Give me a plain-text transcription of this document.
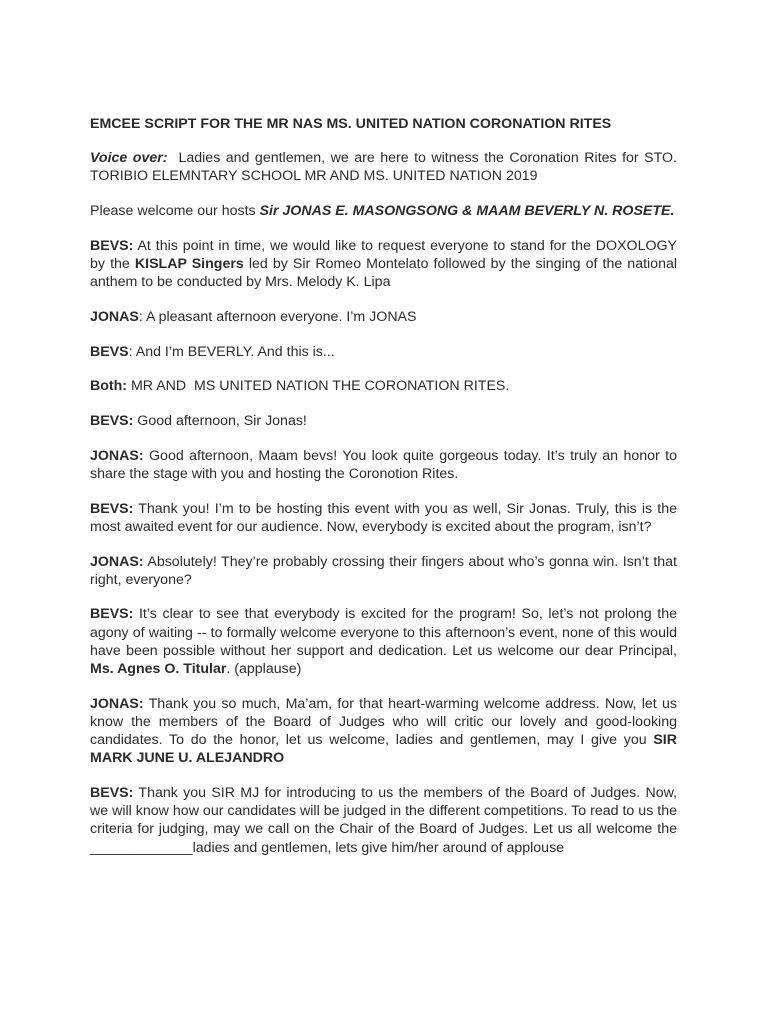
EMCEE SCRIPT FOR THE MR NAS MS. UNITED NATION CORONATION RITES

Voice over:  Ladies and gentlemen, we are here to witness the Coronation Rites for STO. TORIBIO ELEMNTARY SCHOOL MR AND MS. UNITED NATION 2019

Please welcome our hosts Sir JONAS E. MASONGSONG & MAAM BEVERLY N. ROSETE.

BEVS: At this point in time, we would like to request everyone to stand for the DOXOLOGY by the KISLAP Singers led by Sir Romeo Montelato followed by the singing of the national anthem to be conducted by Mrs. Melody K. Lipa

JONAS: A pleasant afternoon everyone. I’m JONAS

BEVS: And I’m BEVERLY. And this is...

Both: MR AND  MS UNITED NATION THE CORONATION RITES.

BEVS: Good afternoon, Sir Jonas!

JONAS: Good afternoon, Maam bevs! You look quite gorgeous today. It’s truly an honor to share the stage with you and hosting the Coronotion Rites.

BEVS: Thank you! I’m to be hosting this event with you as well, Sir Jonas. Truly, this is the most awaited event for our audience. Now, everybody is excited about the program, isn’t?

JONAS: Absolutely! They’re probably crossing their fingers about who’s gonna win. Isn’t that right, everyone?

BEVS: It’s clear to see that everybody is excited for the program! So, let’s not prolong the agony of waiting -- to formally welcome everyone to this afternoon’s event, none of this would have been possible without her support and dedication. Let us welcome our dear Principal, Ms. Agnes O. Titular. (applause)

JONAS: Thank you so much, Ma’am, for that heart-warming welcome address. Now, let us know the members of the Board of Judges who will critic our lovely and good-looking candidates. To do the honor, let us welcome, ladies and gentlemen, may I give you SIR MARK JUNE U. ALEJANDRO

BEVS: Thank you SIR MJ for introducing to us the members of the Board of Judges. Now, we will know how our candidates will be judged in the different competitions. To read to us the criteria for judging, may we call on the Chair of the Board of Judges. Let us all welcome the _____________ladies and gentlemen, lets give him/her around of applouse
